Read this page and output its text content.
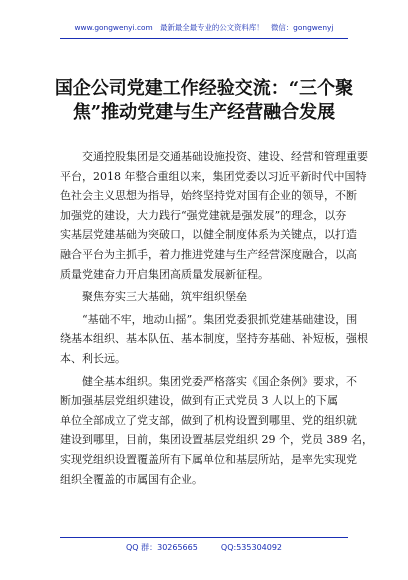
www.gongwenyi.com　最新最全最专业的公文资料库！　微信：gongwenyj
国企公司党建工作经验交流：“三个聚
焦”推动党建与生产经营融合发展
交通控股集团是交通基础设施投资、建设、经营和管理重要
平台，2018 年整合重组以来，集团党委以习近平新时代中国特
色社会主义思想为指导，始终坚持党对国有企业的领导，不断
加强党的建设，大力践行“强党建就是强发展”的理念，以夯
实基层党建基础为突破口，以健全制度体系为关键点，以打造
融合平台为主抓手，着力推进党建与生产经营深度融合，以高
质量党建奋力开启集团高质量发展新征程。
聚焦夯实三大基础，筑牢组织堡垒
“基础不牢，地动山摇”。集团党委狠抓党建基础建设，围
绕基本组织、基本队伍、基本制度，坚持夯基础、补短板，强根
本、利长远。
健全基本组织。集团党委严格落实《国企条例》要求，不
断加强基层党组织建设，做到有正式党员 3 人以上的下属
单位全部成立了党支部，做到了机构设置到哪里、党的组织就
建设到哪里，目前，集团设置基层党组织 29 个，党员 389 名，
实现党组织设置覆盖所有下属单位和基层所站，是率先实现党
组织全覆盖的市属国有企业。
QQ 群：30265665	QQ:535304092
